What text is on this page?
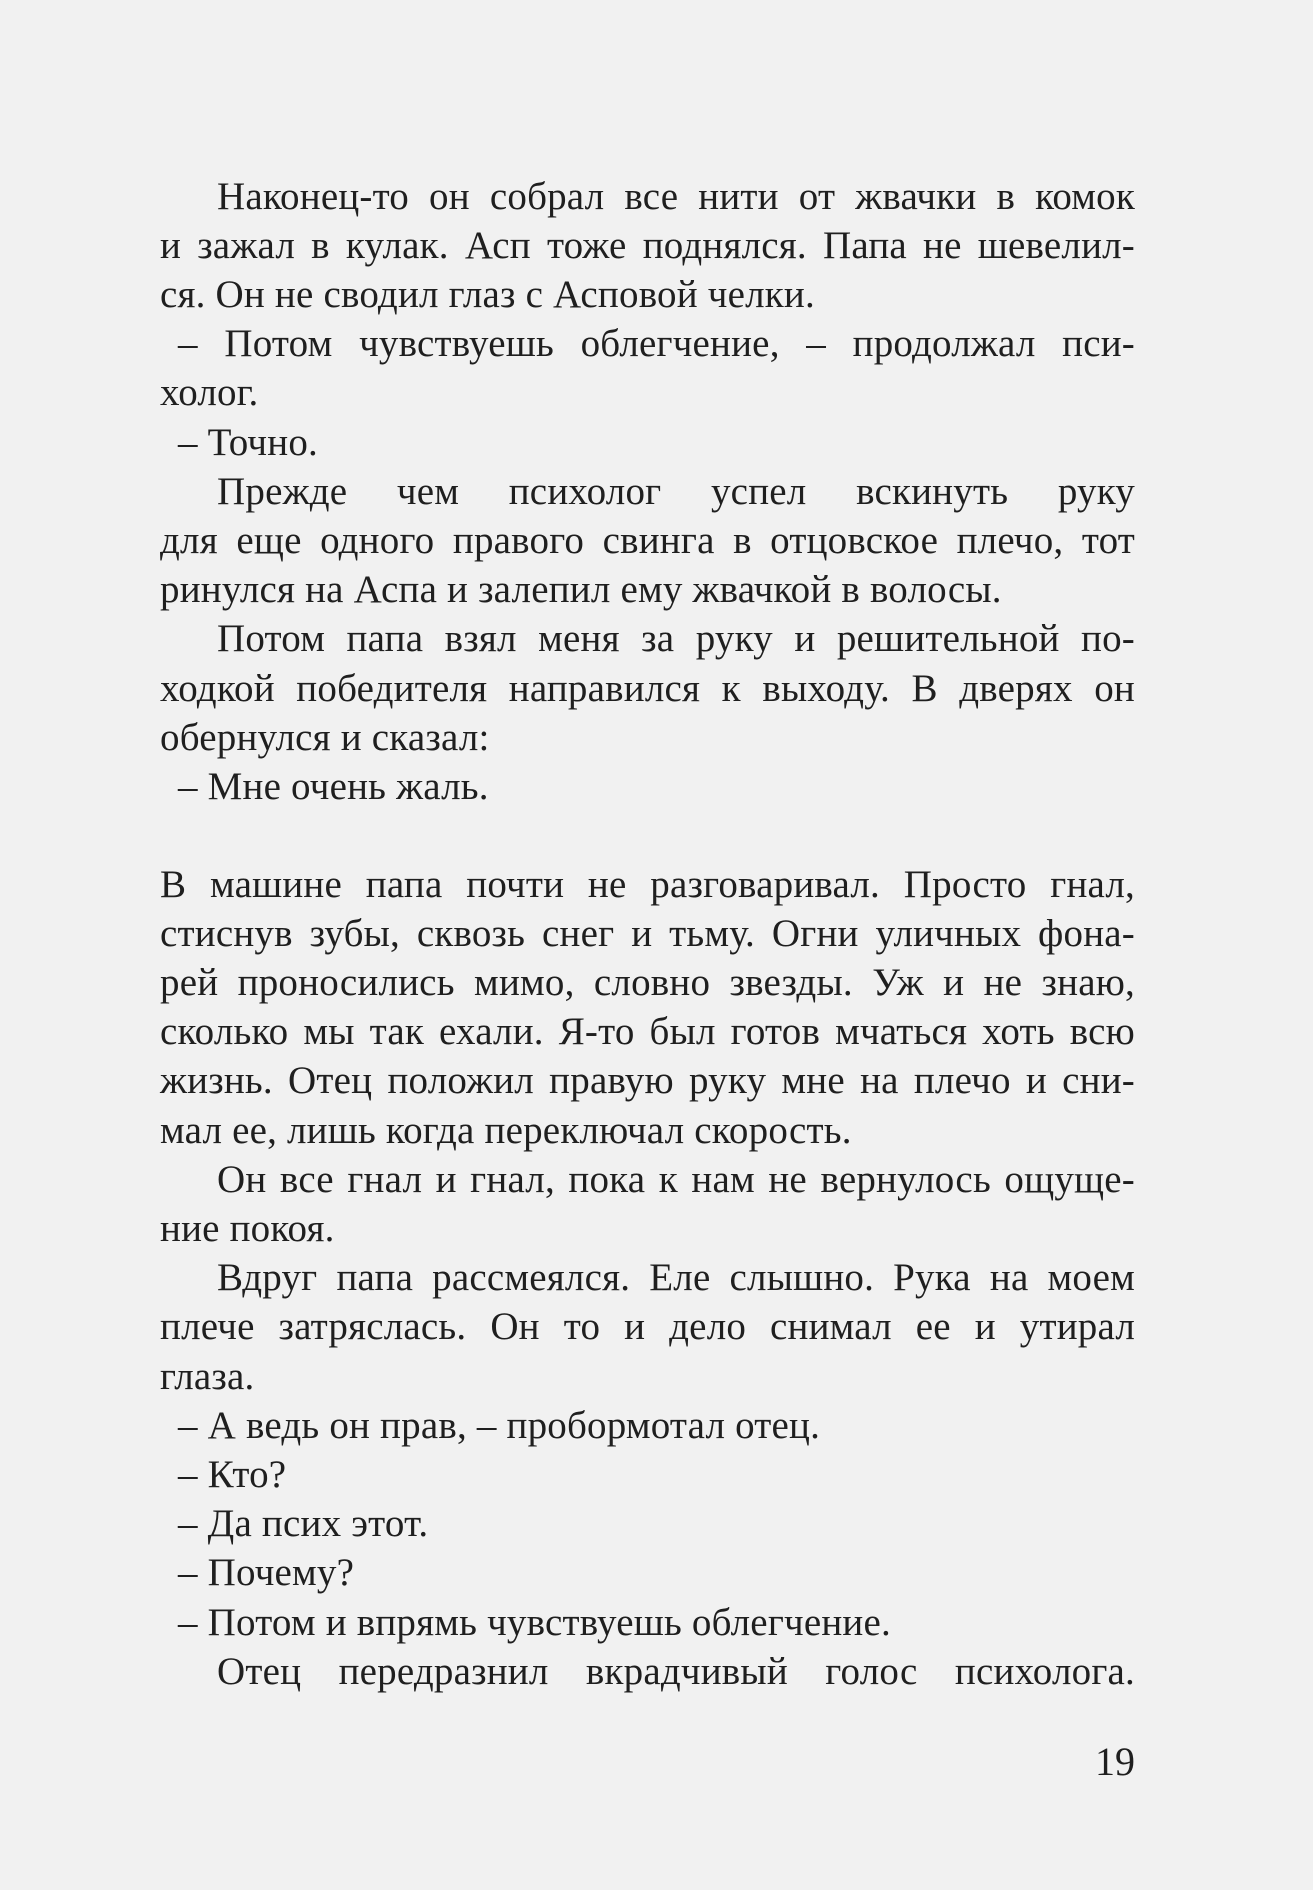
Наконец-то он собрал все нити от жвачки в комок
и зажал в кулак. Асп тоже поднялся. Папа не шевелил-
ся. Он не сводил глаз с Асповой челки.
– Потом чувствуешь облегчение, – продолжал пси-
холог.
– Точно.
Прежде чем психолог успел вскинуть руку
для еще одного правого свинга в отцовское плечо, тот
ринулся на Аспа и залепил ему жвачкой в волосы.
Потом папа взял меня за руку и решительной по-
ходкой победителя направился к выходу. В дверях он
обернулся и сказал:
– Мне очень жаль.
В машине папа почти не разговаривал. Просто гнал,
стиснув зубы, сквозь снег и тьму. Огни уличных фона-
рей проносились мимо, словно звезды. Уж и не знаю,
сколько мы так ехали. Я-то был готов мчаться хоть всю
жизнь. Отец положил правую руку мне на плечо и сни-
мал ее, лишь когда переключал скорость.
Он все гнал и гнал, пока к нам не вернулось ощуще-
ние покоя.
Вдруг папа рассмеялся. Еле слышно. Рука на моем
плече затряслась. Он то и дело снимал ее и утирал
глаза.
– А ведь он прав, – пробормотал отец.
– Кто?
– Да псих этот.
– Почему?
– Потом и впрямь чувствуешь облегчение.
Отец передразнил вкрадчивый голос психолога.
19
